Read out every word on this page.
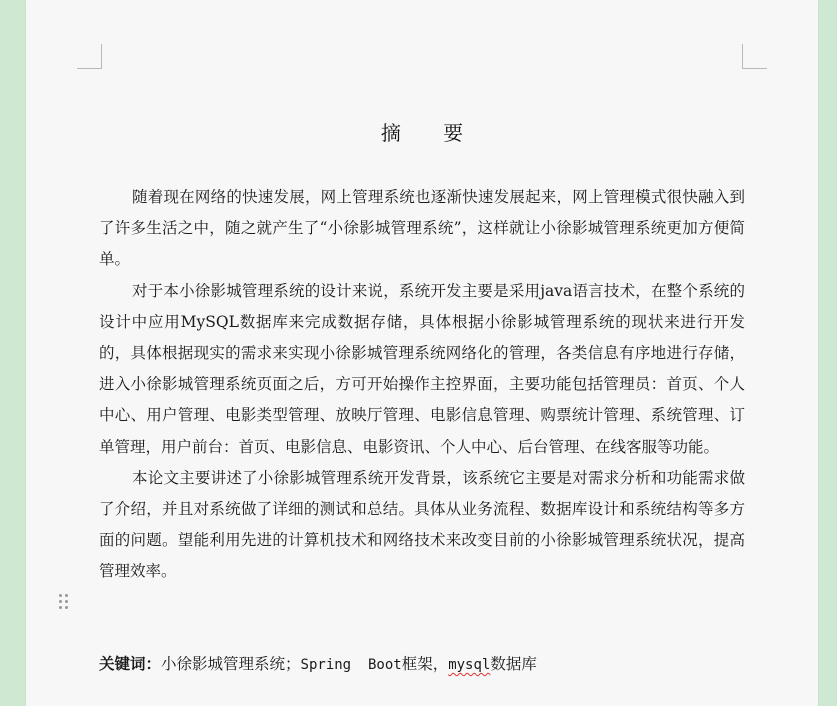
摘 要

随着现在网络的快速发展，网上管理系统也逐渐快速发展起来，网上管理模式很快融入到了许多生活之中，随之就产生了“小徐影城管理系统”，这样就让小徐影城管理系统更加方便简单。

对于本小徐影城管理系统的设计来说，系统开发主要是采用java语言技术，在整个系统的设计中应用MySQL数据库来完成数据存储，具体根据小徐影城管理系统的现状来进行开发的，具体根据现实的需求来实现小徐影城管理系统网络化的管理，各类信息有序地进行存储，进入小徐影城管理系统页面之后，方可开始操作主控界面，主要功能包括管理员：首页、个人中心、用户管理、电影类型管理、放映厅管理、电影信息管理、购票统计管理、系统管理、订单管理，用户前台：首页、电影信息、电影资讯、个人中心、后台管理、在线客服等功能。

本论文主要讲述了小徐影城管理系统开发背景，该系统它主要是对需求分析和功能需求做了介绍，并且对系统做了详细的测试和总结。具体从业务流程、数据库设计和系统结构等多方面的问题。望能利用先进的计算机技术和网络技术来改变目前的小徐影城管理系统状况，提高管理效率。

关键词：小徐影城管理系统；Spring  Boot框架，mysql数据库
